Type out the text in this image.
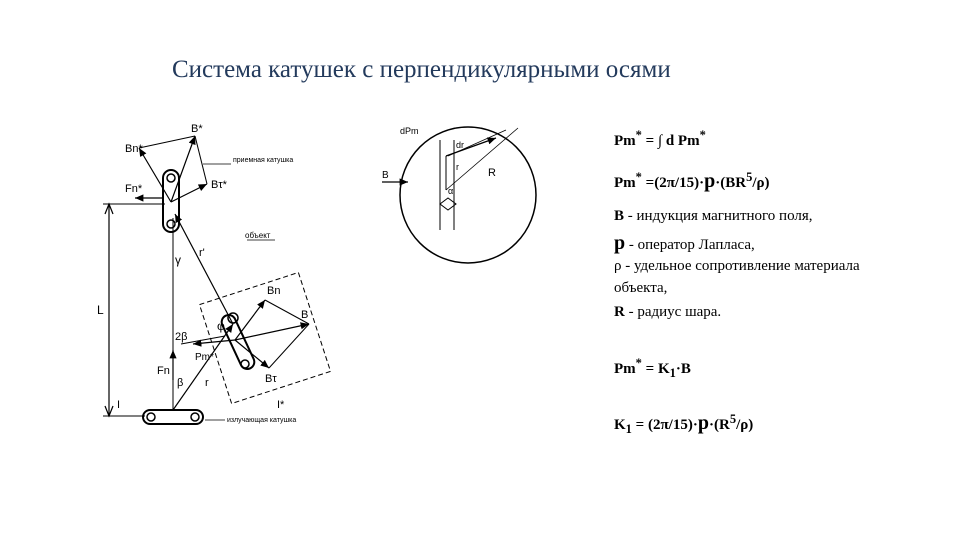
Система катушек с перпендикулярными осями
B*
Bn*
Bτ*
Fn*
приемная катушка
объект
r'
γ
L
Bn
B
Bτ
φ
2β
Pm*
Fn
β r
I	I*
излучающая катушка
dPm
dr
r	R
B
α
Pm* = ∫ d Pm*
$Pm^* =(2\pi/15)\cdot p\cdot(BR^5/\rho)$
B - индукция магнитного поля,
p - оператор Лапласа,
ρ - удельное сопротивление материала
объекта,
R - радиус шара.
$Pm^* = K_1\cdot B$
$K_1 = (2\pi/15)\cdot p\cdot(R^5/\rho)$
